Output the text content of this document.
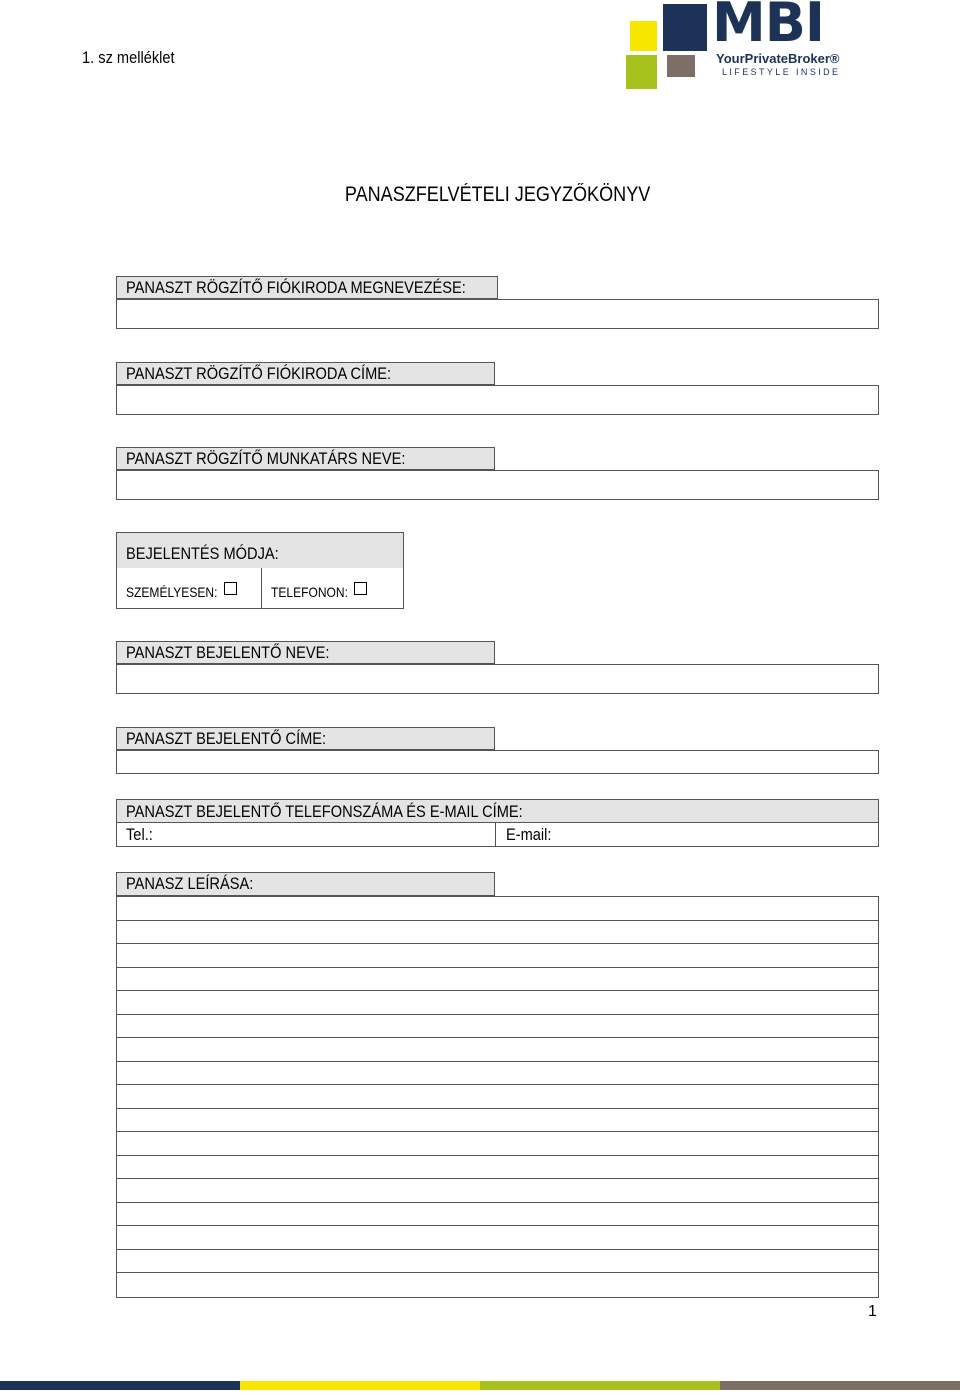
1. sz melléklet
MBI
YourPrivateBroker®
LIFESTYLE INSIDE
PANASZFELVÉTELI JEGYZŐKÖNYV
PANASZT RÖGZÍTŐ FIÓKIRODA MEGNEVEZÉSE:
PANASZT RÖGZÍTŐ FIÓKIRODA CÍME:
PANASZT RÖGZÍTŐ MUNKATÁRS NEVE:
BEJELENTÉS MÓDJA:
SZEMÉLYESEN:	TELEFONON:
PANASZT BEJELENTŐ NEVE:
PANASZT BEJELENTŐ CÍME:
PANASZT BEJELENTŐ TELEFONSZÁMA ÉS E-MAIL CÍME:
Tel.:	E-mail:
PANASZ LEÍRÁSA:
1
